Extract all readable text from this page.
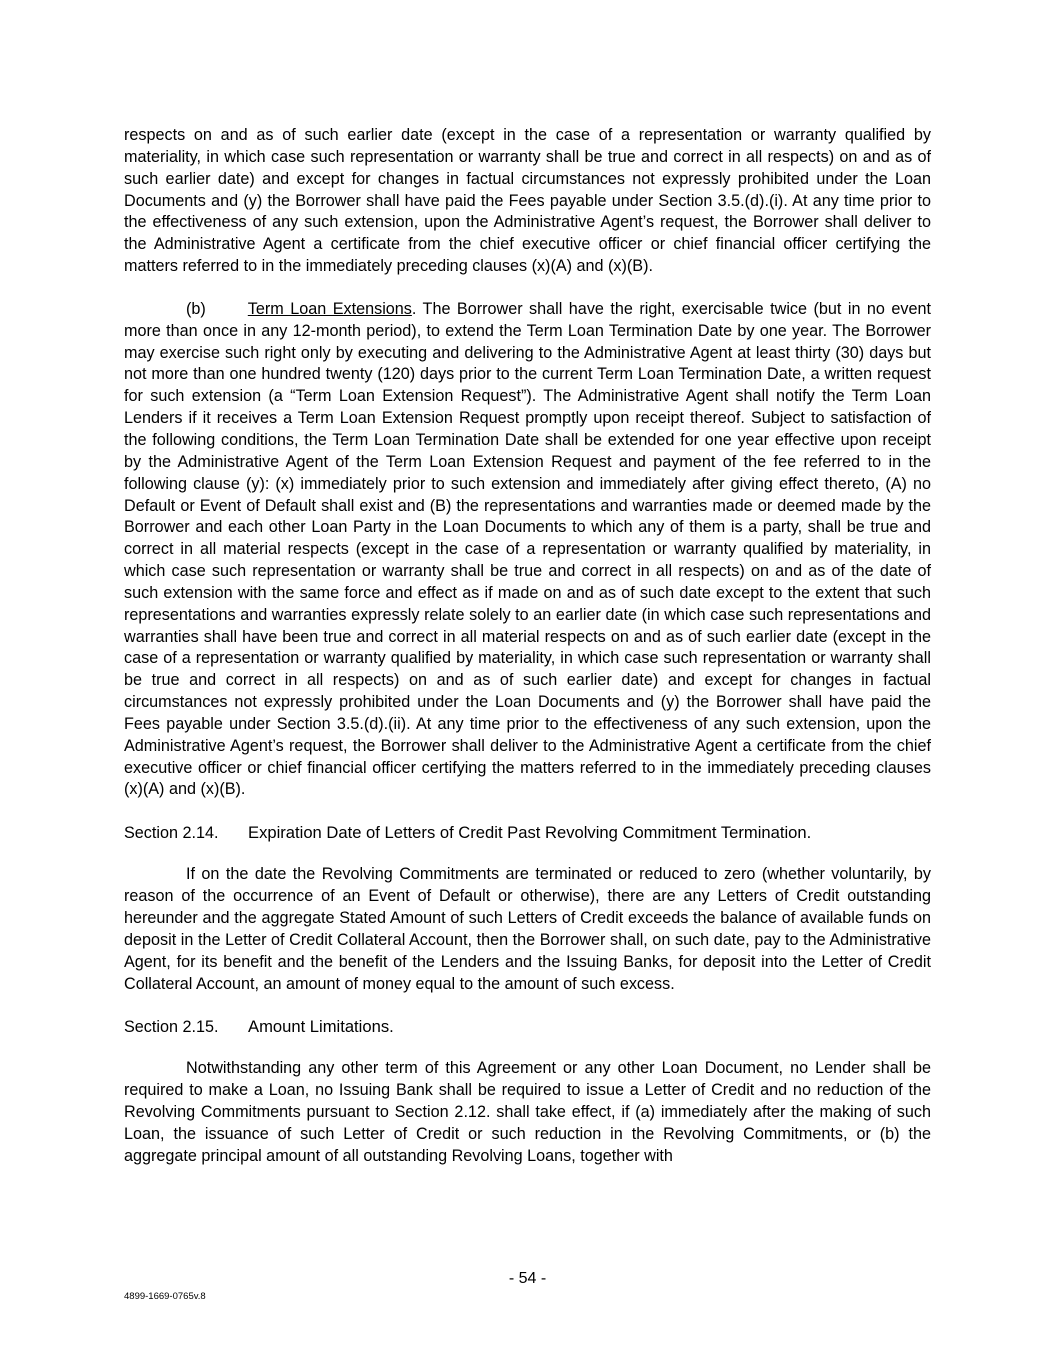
respects on and as of such earlier date (except in the case of a representation or warranty qualified by materiality, in which case such representation or warranty shall be true and correct in all respects) on and as of such earlier date) and except for changes in factual circumstances not expressly prohibited under the Loan Documents and (y) the Borrower shall have paid the Fees payable under Section 3.5.(d).(i). At any time prior to the effectiveness of any such extension, upon the Administrative Agent’s request, the Borrower shall deliver to the Administrative Agent a certificate from the chief executive officer or chief financial officer certifying the matters referred to in the immediately preceding clauses (x)(A) and (x)(B).

(b)	Term Loan Extensions. The Borrower shall have the right, exercisable twice (but in no event more than once in any 12-month period), to extend the Term Loan Termination Date by one year. The Borrower may exercise such right only by executing and delivering to the Administrative Agent at least thirty (30) days but not more than one hundred twenty (120) days prior to the current Term Loan Termination Date, a written request for such extension (a “Term Loan Extension Request”). The Administrative Agent shall notify the Term Loan Lenders if it receives a Term Loan Extension Request promptly upon receipt thereof. Subject to satisfaction of the following conditions, the Term Loan Termination Date shall be extended for one year effective upon receipt by the Administrative Agent of the Term Loan Extension Request and payment of the fee referred to in the following clause (y): (x) immediately prior to such extension and immediately after giving effect thereto, (A) no Default or Event of Default shall exist and (B) the representations and warranties made or deemed made by the Borrower and each other Loan Party in the Loan Documents to which any of them is a party, shall be true and correct in all material respects (except in the case of a representation or warranty qualified by materiality, in which case such representation or warranty shall be true and correct in all respects) on and as of the date of such extension with the same force and effect as if made on and as of such date except to the extent that such representations and warranties expressly relate solely to an earlier date (in which case such representations and warranties shall have been true and correct in all material respects on and as of such earlier date (except in the case of a representation or warranty qualified by materiality, in which case such representation or warranty shall be true and correct in all respects) on and as of such earlier date) and except for changes in factual circumstances not expressly prohibited under the Loan Documents and (y) the Borrower shall have paid the Fees payable under Section 3.5.(d).(ii). At any time prior to the effectiveness of any such extension, upon the Administrative Agent’s request, the Borrower shall deliver to the Administrative Agent a certificate from the chief executive officer or chief financial officer certifying the matters referred to in the immediately preceding clauses (x)(A) and (x)(B).

Section 2.14. Expiration Date of Letters of Credit Past Revolving Commitment Termination.

If on the date the Revolving Commitments are terminated or reduced to zero (whether voluntarily, by reason of the occurrence of an Event of Default or otherwise), there are any Letters of Credit outstanding hereunder and the aggregate Stated Amount of such Letters of Credit exceeds the balance of available funds on deposit in the Letter of Credit Collateral Account, then the Borrower shall, on such date, pay to the Administrative Agent, for its benefit and the benefit of the Lenders and the Issuing Banks, for deposit into the Letter of Credit Collateral Account, an amount of money equal to the amount of such excess.

Section 2.15. Amount Limitations.

Notwithstanding any other term of this Agreement or any other Loan Document, no Lender shall be required to make a Loan, no Issuing Bank shall be required to issue a Letter of Credit and no reduction of the Revolving Commitments pursuant to Section 2.12. shall take effect, if (a) immediately after the making of such Loan, the issuance of such Letter of Credit or such reduction in the Revolving Commitments, or (b) the aggregate principal amount of all outstanding Revolving Loans, together with

- 54 -
4899-1669-0765v.8
